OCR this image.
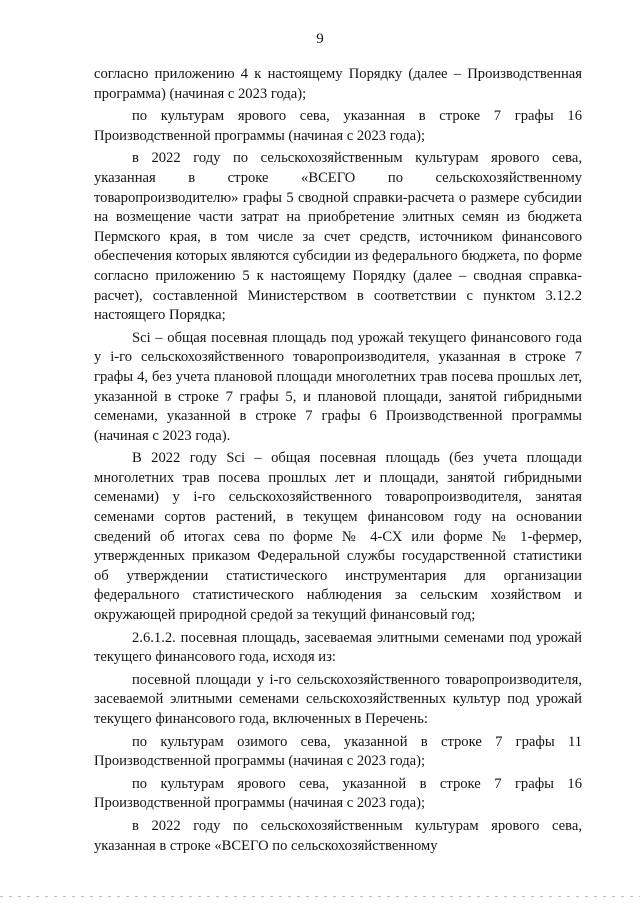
9

согласно приложению 4 к настоящему Порядку (далее – Производственная программа) (начиная с 2023 года);

по культурам ярового сева, указанная в строке 7 графы 16 Производственной программы (начиная с 2023 года);

в 2022 году по сельскохозяйственным культурам ярового сева, указанная в строке «ВСЕГО по сельскохозяйственному товаропроизводителю» графы 5 сводной справки-расчета о размере субсидии на возмещение части затрат на приобретение элитных семян из бюджета Пермского края, в том числе за счет средств, источником финансового обеспечения которых являются субсидии из федерального бюджета, по форме согласно приложению 5 к настоящему Порядку (далее – сводная справка-расчет), составленной Министерством в соответствии с пунктом 3.12.2 настоящего Порядка;

Sci – общая посевная площадь под урожай текущего финансового года у i-го сельскохозяйственного товаропроизводителя, указанная в строке 7 графы 4, без учета плановой площади многолетних трав посева прошлых лет, указанной в строке 7 графы 5, и плановой площади, занятой гибридными семенами, указанной в строке 7 графы 6 Производственной программы (начиная с 2023 года).

В 2022 году Sci – общая посевная площадь (без учета площади многолетних трав посева прошлых лет и площади, занятой гибридными семенами) у i-го сельскохозяйственного товаропроизводителя, занятая семенами сортов растений, в текущем финансовом году на основании сведений об итогах сева по форме № 4-СХ или форме № 1-фермер, утвержденных приказом Федеральной службы государственной статистики об утверждении статистического инструментария для организации федерального статистического наблюдения за сельским хозяйством и окружающей природной средой за текущий финансовый год;

2.6.1.2. посевная площадь, засеваемая элитными семенами под урожай текущего финансового года, исходя из:

посевной площади у i-го сельскохозяйственного товаропроизводителя, засеваемой элитными семенами сельскохозяйственных культур под урожай текущего финансового года, включенных в Перечень:

по культурам озимого сева, указанной в строке 7 графы 11 Производственной программы (начиная с 2023 года);

по культурам ярового сева, указанной в строке 7 графы 16 Производственной программы (начиная с 2023 года);

в 2022 году по сельскохозяйственным культурам ярового сева, указанная в строке «ВСЕГО по сельскохозяйственному
